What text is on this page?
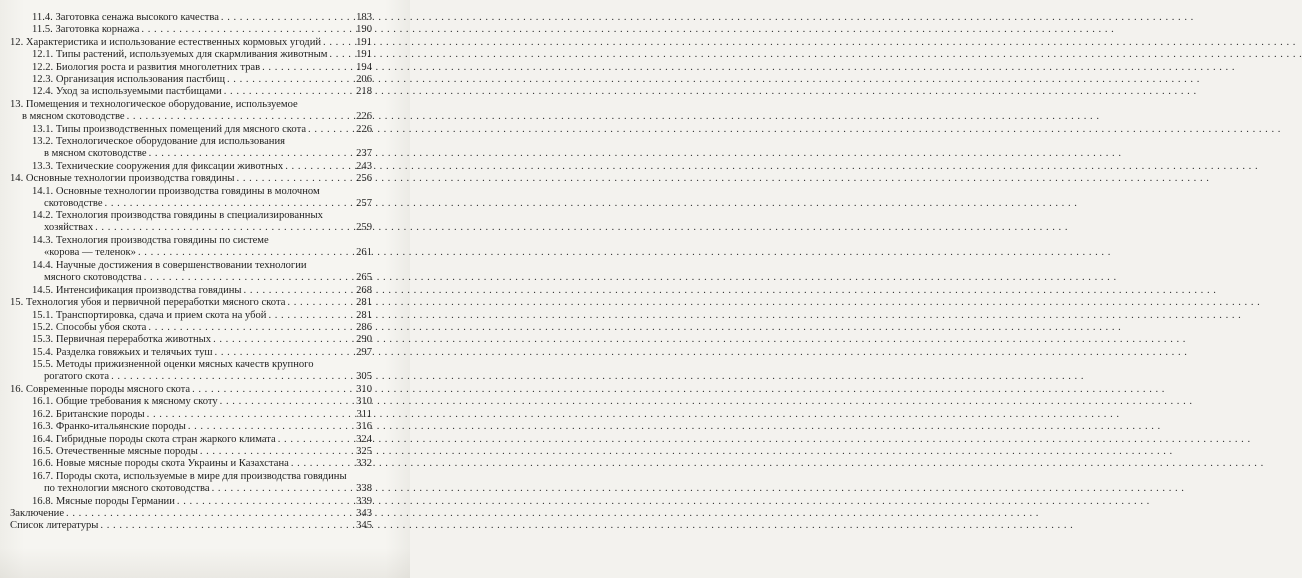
11.4. Заготовка сенажа высокого качества . . .	183
11.5. Заготовка корнажа . . .	190
12. Характеристика и использование естественных кормовых угодий . . .	191
12.1. Типы растений, используемых для скармливания животным . . .	191
12.2. Биология роста и развития многолетних трав . . .	194
12.3. Организация использования пастбищ . . .	206
12.4. Уход за используемыми пастбищами . . .	218
13. Помещения и технологическое оборудование, используемое
в мясном скотоводстве . . .	226
13.1. Типы производственных помещений для мясного скота . . .	226
13.2. Технологическое оборудование для использования
в мясном скотоводстве . . .	237
13.3. Технические сооружения для фиксации животных . . .	243
14. Основные технологии производства говядины . . .	256
14.1. Основные технологии производства говядины в молочном
скотоводстве . . .	257
14.2. Технология производства говядины в специализированных
хозяйствах . . .	259
14.3. Технология производства говядины по системе
«корова — теленок» . . .	261
14.4. Научные достижения в совершенствовании технологии
мясного скотоводства . . .	265
14.5. Интенсификация производства говядины . . .	268
15. Технология убоя и первичной переработки мясного скота . . .	281
15.1. Транспортировка, сдача и прием скота на убой . . .	281
15.2. Способы убоя скота . . .	286
15.3. Первичная переработка животных . . .	290
15.4. Разделка говяжьих и телячьих туш . . .	297
15.5. Методы прижизненной оценки мясных качеств крупного
рогатого скота . . .	305
16. Современные породы мясного скота . . .	310
16.1. Общие требования к мясному скоту . . .	310
16.2. Британские породы . . .	311
16.3. Франко-итальянские породы . . .	316
16.4. Гибридные породы скота стран жаркого климата . . .	324
16.5. Отечественные мясные породы . . .	325
16.6. Новые мясные породы скота Украины и Казахстана . . .	332
16.7. Породы скота, используемые в мире для производства говядины
по технологии мясного скотоводства . . .	338
16.8. Мясные породы Германии . . .	339
Заключение . . .	343
Список литературы . . .	345
